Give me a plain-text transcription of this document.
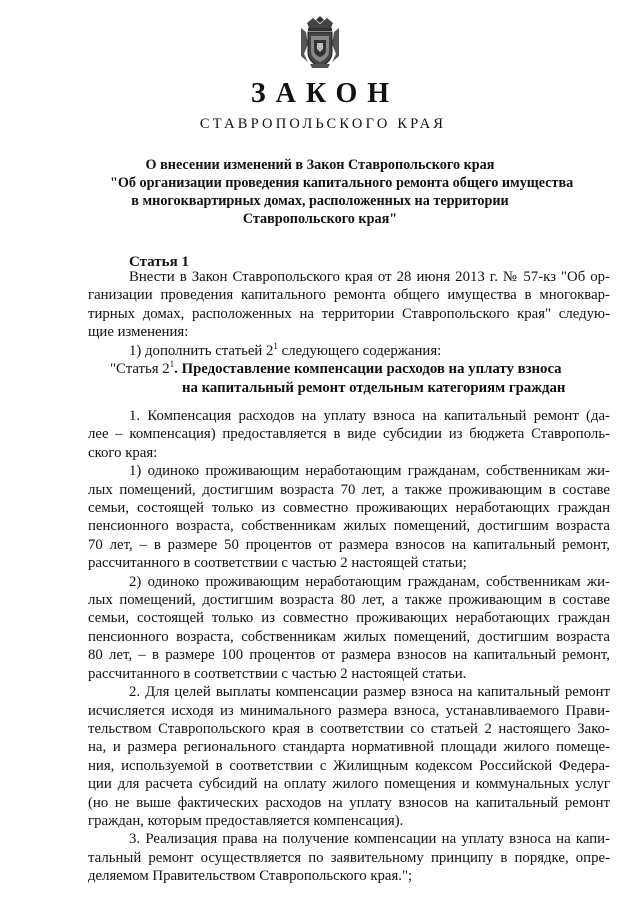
ЗАКОН
СТАВРОПОЛЬСКОГО КРАЯ
О внесении изменений в Закон Ставропольского края
"Об организации проведения капитального ремонта общего имущества
в многоквартирных домах, расположенных на территории
Ставропольского края"
Статья 1
Внести в Закон Ставропольского края от 28 июня 2013 г. № 57-кз "Об ор-
ганизации проведения капитального ремонта общего имущества в многоквар-
тирных домах, расположенных на территории Ставропольского края" следую-
щие изменения:
1) дополнить статьей $2^1$ следующего содержания:
"Статья $2^1$. Предоставление компенсации расходов на уплату взноса
на капитальный ремонт отдельным категориям граждан
1. Компенсация расходов на уплату взноса на капитальный ремонт (да-
лее – компенсация) предоставляется в виде субсидии из бюджета Ставрополь-
ского края:
1) одиноко проживающим неработающим гражданам, собственникам жи-
лых помещений, достигшим возраста 70 лет, а также проживающим в составе
семьи, состоящей только из совместно проживающих неработающих граждан
пенсионного возраста, собственникам жилых помещений, достигшим возраста
70 лет, – в размере 50 процентов от размера взносов на капитальный ремонт,
рассчитанного в соответствии с частью 2 настоящей статьи;
2) одиноко проживающим неработающим гражданам, собственникам жи-
лых помещений, достигшим возраста 80 лет, а также проживающим в составе
семьи, состоящей только из совместно проживающих неработающих граждан
пенсионного возраста, собственникам жилых помещений, достигшим возраста
80 лет, – в размере 100 процентов от размера взносов на капитальный ремонт,
рассчитанного в соответствии с частью 2 настоящей статьи.
2. Для целей выплаты компенсации размер взноса на капитальный ремонт
исчисляется исходя из минимального размера взноса, устанавливаемого Прави-
тельством Ставропольского края в соответствии со статьей 2 настоящего Зако-
на, и размера регионального стандарта нормативной площади жилого помеще-
ния, используемой в соответствии с Жилищным кодексом Российской Федера-
ции для расчета субсидий на оплату жилого помещения и коммунальных услуг
(но не выше фактических расходов на уплату взносов на капитальный ремонт
граждан, которым предоставляется компенсация).
3. Реализация права на получение компенсации на уплату взноса на капи-
тальный ремонт осуществляется по заявительному принципу в порядке, опре-
деляемом Правительством Ставропольского края.";
